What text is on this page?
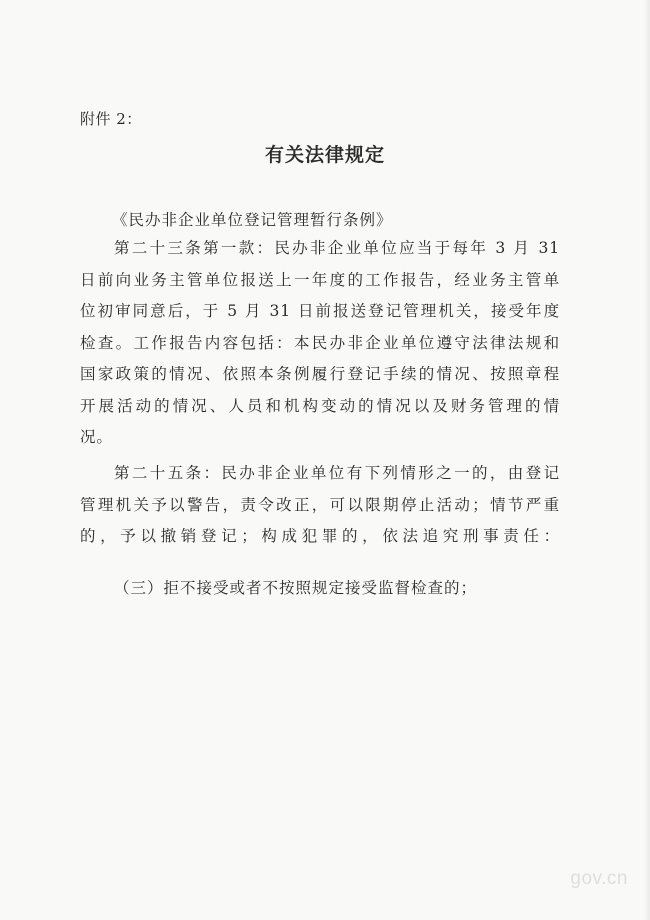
附件 2：
有关法律规定
《民办非企业单位登记管理暂行条例》
第二十三条第一款：民办非企业单位应当于每年 3 月 31
日前向业务主管单位报送上一年度的工作报告，经业务主管单
位初审同意后，于 5 月 31 日前报送登记管理机关，接受年度
检查。工作报告内容包括：本民办非企业单位遵守法律法规和
国家政策的情况、依照本条例履行登记手续的情况、按照章程
开展活动的情况、人员和机构变动的情况以及财务管理的情
况。
第二十五条：民办非企业单位有下列情形之一的，由登记
管理机关予以警告，责令改正，可以限期停止活动；情节严重
的，予以撤销登记；构成犯罪的，依法追究刑事责任：
（三）拒不接受或者不按照规定接受监督检查的；
gov.cn
